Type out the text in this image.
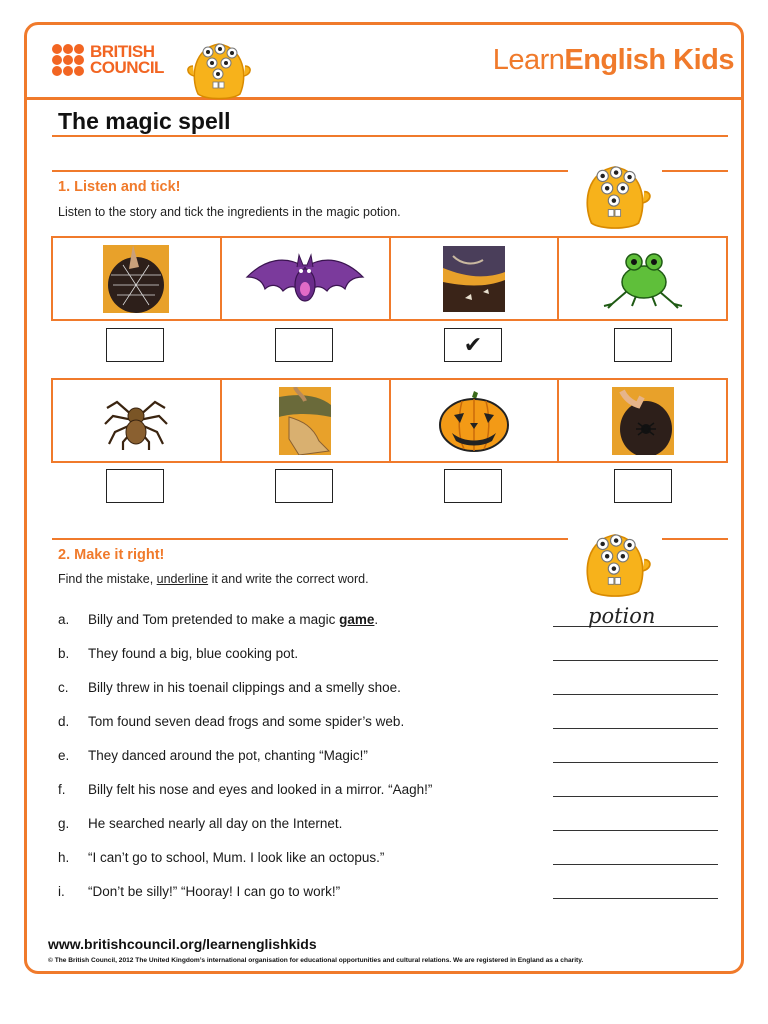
BRITISH
COUNCIL	LearnEnglish Kids
The magic spell
1. Listen and tick!
Listen to the story and tick the ingredients in the magic potion.
✔
2. Make it right!
Find the mistake, underline it and write the correct word.
a. Billy and Tom pretended to make a magic game.	potion
b. They found a big, blue cooking pot.
c. Billy threw in his toenail clippings and a smelly shoe.
d. Tom found seven dead frogs and some spider’s web.
e. They danced around the pot, chanting “Magic!”
f. Billy felt his nose and eyes and looked in a mirror. “Aagh!”
g. He searched nearly all day on the Internet.
h. “I can’t go to school, Mum. I look like an octopus.”
i. “Don’t be silly!” “Hooray! I can go to work!”
www.britishcouncil.org/learnenglishkids
© The British Council, 2012 The United Kingdom’s international organisation for educational opportunities and cultural relations. We are registered in England as a charity.
